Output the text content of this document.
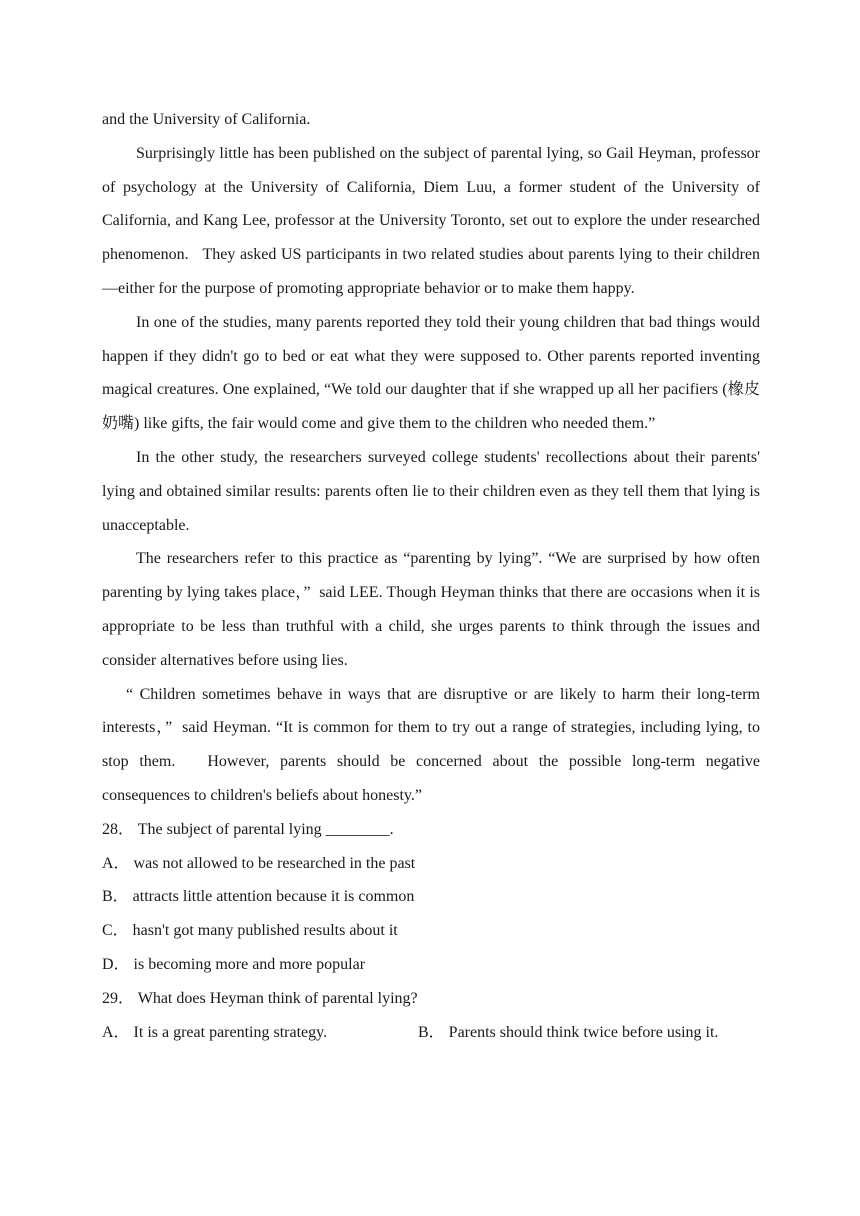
and the University of California.

Surprisingly little has been published on the subject of parental lying, so Gail Heyman, professor of psychology at the University of California, Diem Luu, a former student of the University of California, and Kang Lee, professor at the University Toronto, set out to explore the under researched phenomenon.   They asked US participants in two related studies about parents lying to their children—either for the purpose of promoting appropriate behavior or to make them happy.

In one of the studies, many parents reported they told their young children that bad things would happen if they didn't go to bed or eat what they were supposed to. Other parents reported inventing magical creatures. One explained, “We told our daughter that if she wrapped up all her pacifiers (橡皮奶嘴) like gifts, the fair would come and give them to the children who needed them.”

In the other study, the researchers surveyed college students' recollections about their parents' lying and obtained similar results: parents often lie to their children even as they tell them that lying is unacceptable.

The researchers refer to this practice as “parenting by lying”. “We are surprised by how often parenting by lying takes place，”  said LEE. Though Heyman thinks that there are occasions when it is appropriate to be less than truthful with a child, she urges parents to think through the issues and consider alternatives before using lies.

“ Children sometimes behave in ways that are disruptive or are likely to harm their long-term interests，”  said Heyman. “It is common for them to try out a range of strategies, including lying, to stop them.   However, parents should be concerned about the possible long-term negative consequences to children's beliefs about honesty.”

28． The subject of parental lying ________.

A． was not allowed to be researched in the past

B． attracts little attention because it is common

C． hasn't got many published results about it

D． is becoming more and more popular

29． What does Heyman think of parental lying?

A． It is a great parenting strategy.	B． Parents should think twice before using it.
